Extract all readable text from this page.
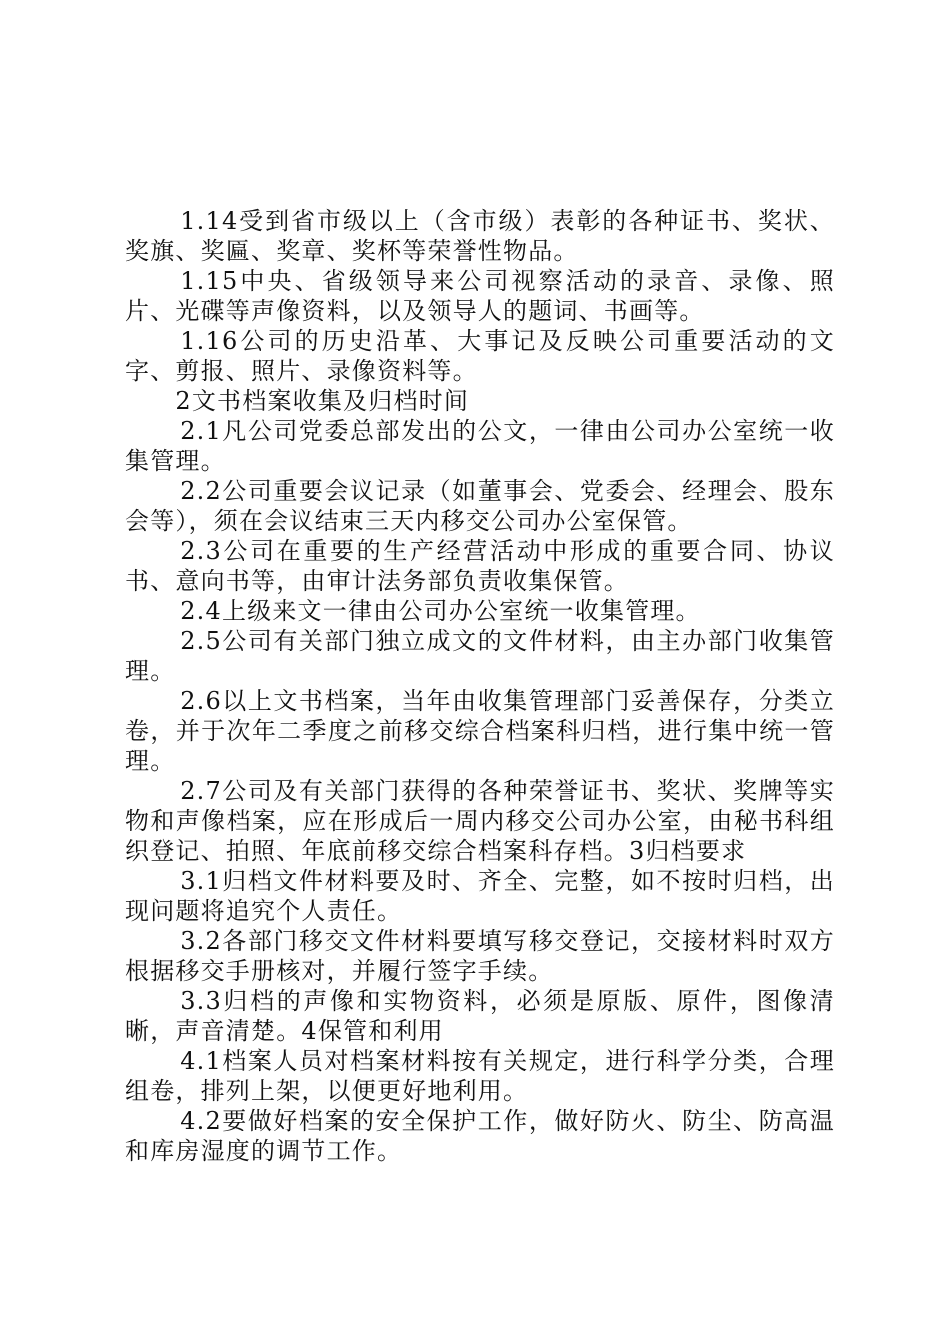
1.14受到省市级以上（含市级）表彰的各种证书、奖状、奖旗、奖匾、奖章、奖杯等荣誉性物品。

1.15中央、省级领导来公司视察活动的录音、录像、照片、光碟等声像资料，以及领导人的题词、书画等。

1.16公司的历史沿革、大事记及反映公司重要活动的文字、剪报、照片、录像资料等。

2文书档案收集及归档时间

2.1凡公司党委总部发出的公文，一律由公司办公室统一收集管理。

2.2公司重要会议记录（如董事会、党委会、经理会、股东会等），须在会议结束三天内移交公司办公室保管。

2.3公司在重要的生产经营活动中形成的重要合同、协议书、意向书等，由审计法务部负责收集保管。

2.4上级来文一律由公司办公室统一收集管理。

2.5公司有关部门独立成文的文件材料，由主办部门收集管理。

2.6以上文书档案，当年由收集管理部门妥善保存，分类立卷，并于次年二季度之前移交综合档案科归档，进行集中统一管理。

2.7公司及有关部门获得的各种荣誉证书、奖状、奖牌等实物和声像档案，应在形成后一周内移交公司办公室，由秘书科组织登记、拍照、年底前移交综合档案科存档。3归档要求

3.1归档文件材料要及时、齐全、完整，如不按时归档，出现问题将追究个人责任。

3.2各部门移交文件材料要填写移交登记，交接材料时双方根据移交手册核对，并履行签字手续。

3.3归档的声像和实物资料，必须是原版、原件，图像清晰，声音清楚。4保管和利用

4.1档案人员对档案材料按有关规定，进行科学分类，合理组卷，排列上架，以便更好地利用。

4.2要做好档案的安全保护工作，做好防火、防尘、防高温和库房湿度的调节工作。
